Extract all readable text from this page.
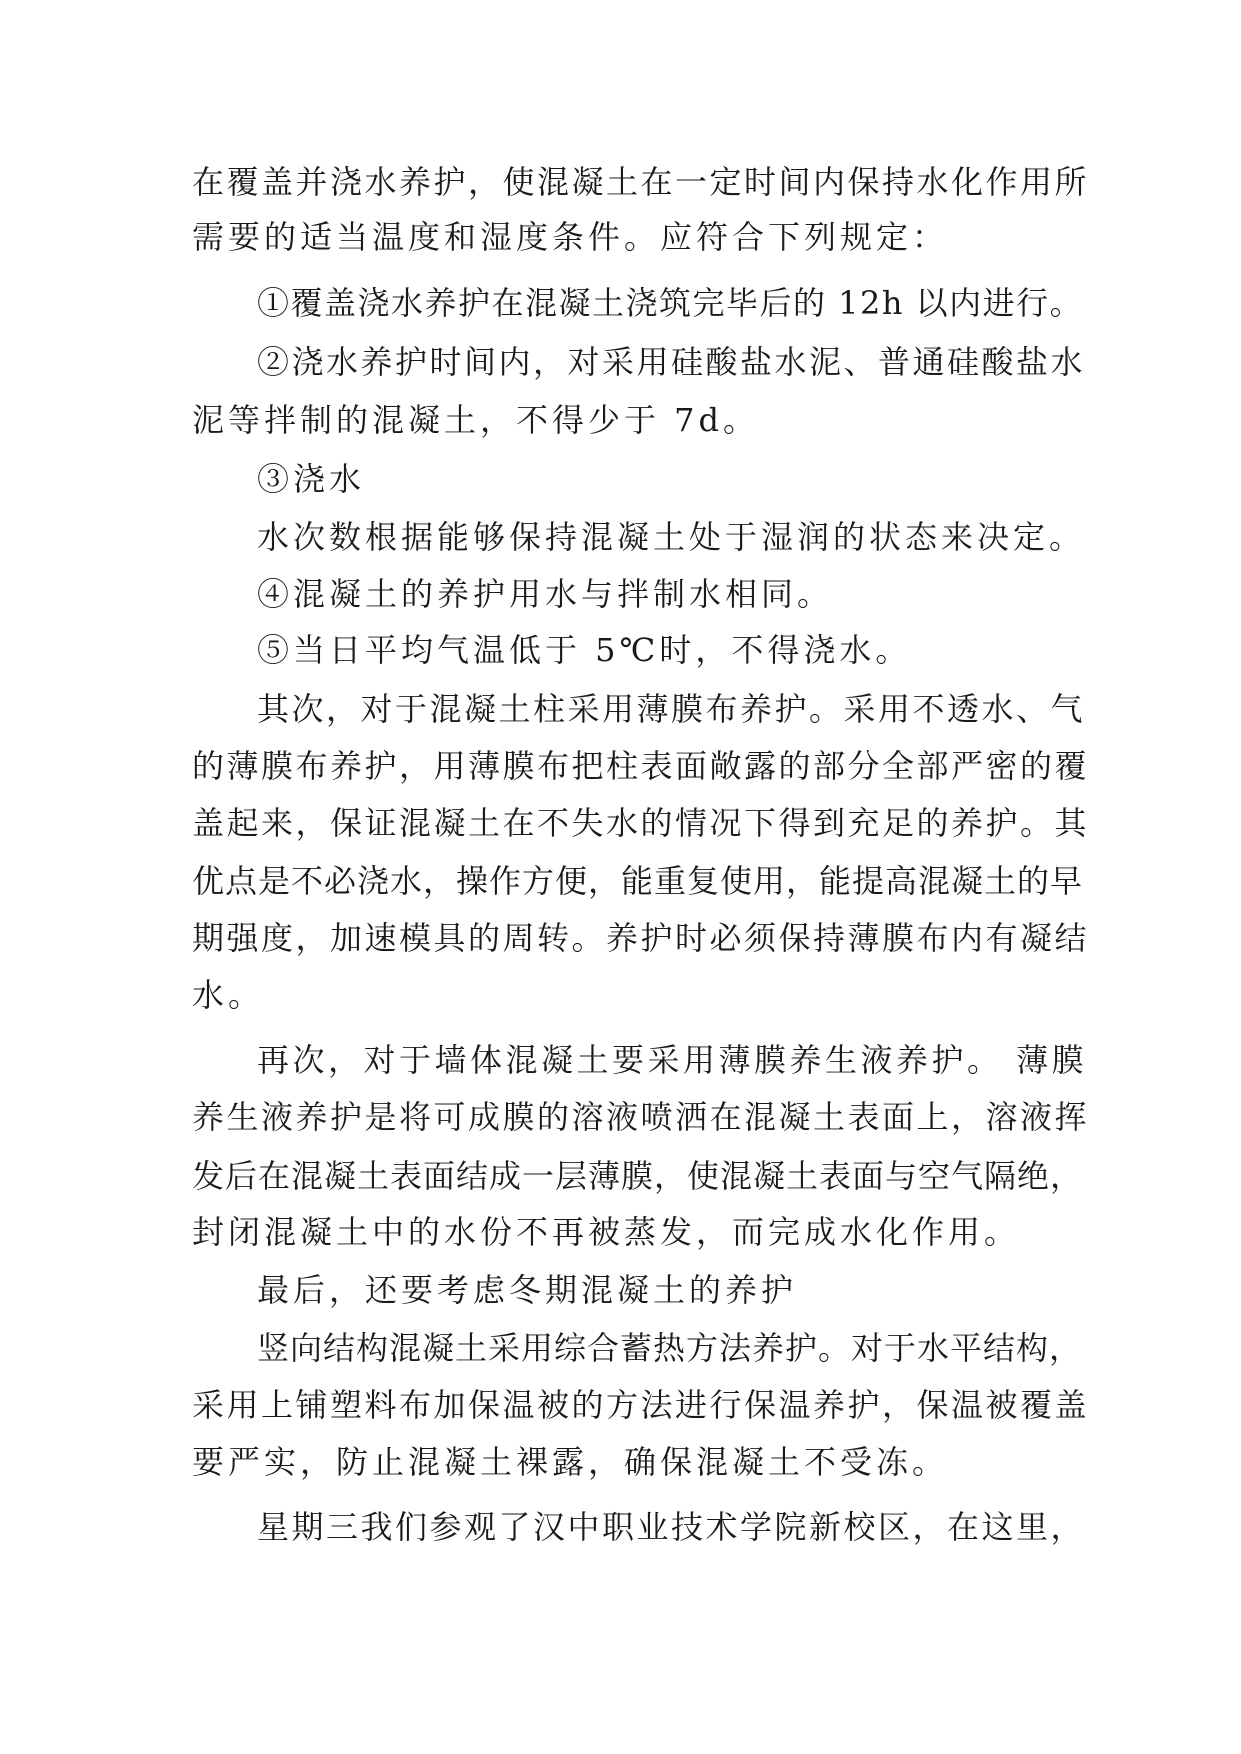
在覆盖并浇水养护，使混凝土在一定时间内保持水化作用所
需要的适当温度和湿度条件。应符合下列规定：
①覆盖浇水养护在混凝土浇筑完毕后的 12h 以内进行。
②浇水养护时间内，对采用硅酸盐水泥、普通硅酸盐水
泥等拌制的混凝土，不得少于 7d。
③浇水
水次数根据能够保持混凝土处于湿润的状态来决定。
④混凝土的养护用水与拌制水相同。
⑤当日平均气温低于 5℃时，不得浇水。
其次，对于混凝土柱采用薄膜布养护。采用不透水、气
的薄膜布养护，用薄膜布把柱表面敞露的部分全部严密的覆
盖起来，保证混凝土在不失水的情况下得到充足的养护。其
优点是不必浇水，操作方便，能重复使用，能提高混凝土的早
期强度，加速模具的周转。养护时必须保持薄膜布内有凝结
水。
再次，对于墙体混凝土要采用薄膜养生液养护。 薄膜
养生液养护是将可成膜的溶液喷洒在混凝土表面上，溶液挥
发后在混凝土表面结成一层薄膜，使混凝土表面与空气隔绝，
封闭混凝土中的水份不再被蒸发，而完成水化作用。
最后，还要考虑冬期混凝土的养护
竖向结构混凝土采用综合蓄热方法养护。对于水平结构，
采用上铺塑料布加保温被的方法进行保温养护，保温被覆盖
要严实，防止混凝土裸露，确保混凝土不受冻。
星期三我们参观了汉中职业技术学院新校区，在这里，
